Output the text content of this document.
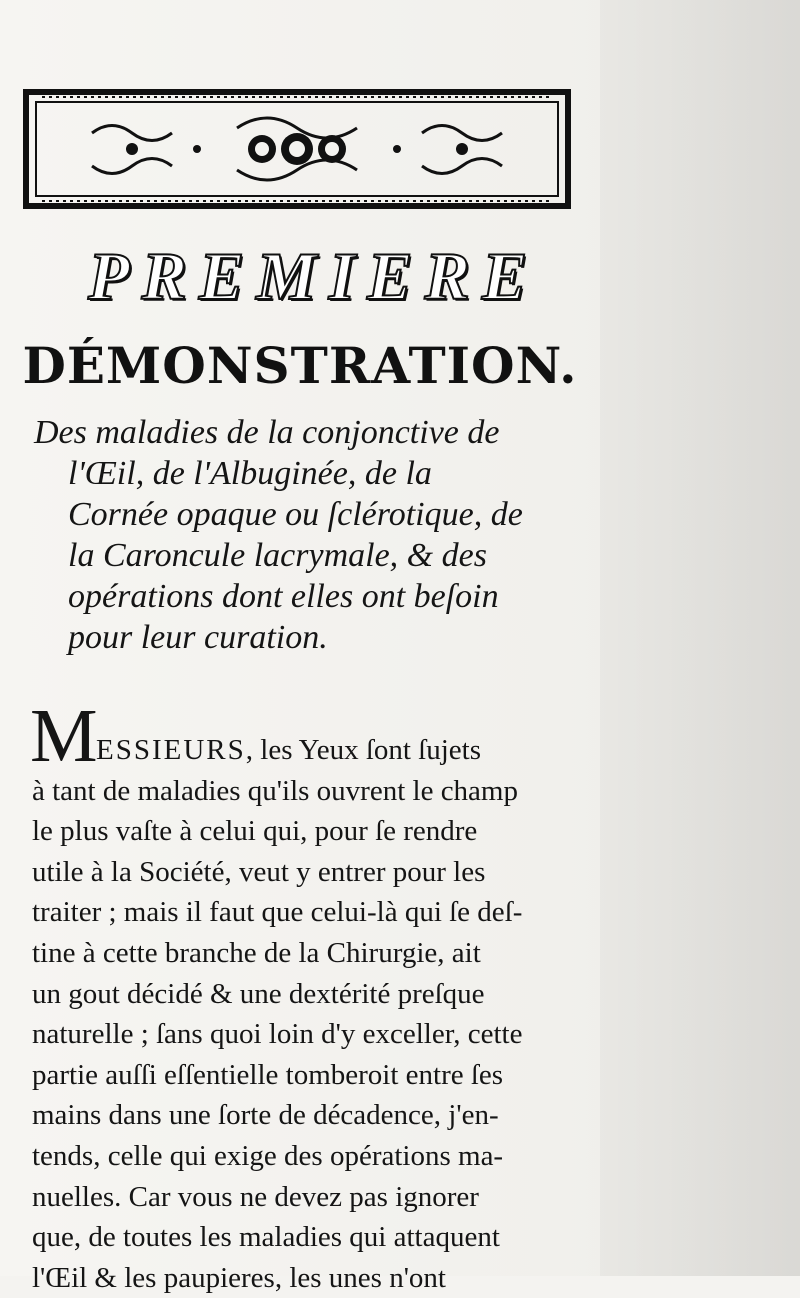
PREMIERE
DÉMONSTRATION.
Des maladies de la conjonctive de
l'Œil, de l'Albuginée, de la
Cornée opaque ou ſclérotique, de
la Caroncule lacrymale, & des
opérations dont elles ont beſoin
pour leur curation.
M
ESSIEURS, les Yeux ſont ſujets
à tant de maladies qu'ils ouvrent le champ
le plus vaſte à celui qui, pour ſe rendre
utile à la Société, veut y entrer pour les
traiter ; mais il faut que celui-là qui ſe deſ-
tine à cette branche de la Chirurgie, ait
un gout décidé & une dextérité preſque
naturelle ; ſans quoi loin d'y exceller, cette
partie auſſi eſſentielle tomberoit entre ſes
mains dans une ſorte de décadence, j'en-
tends, celle qui exige des opérations ma-
nuelles. Car vous ne devez pas ignorer
que, de toutes les maladies qui attaquent
l'Œil & les paupieres, les unes n'ont
